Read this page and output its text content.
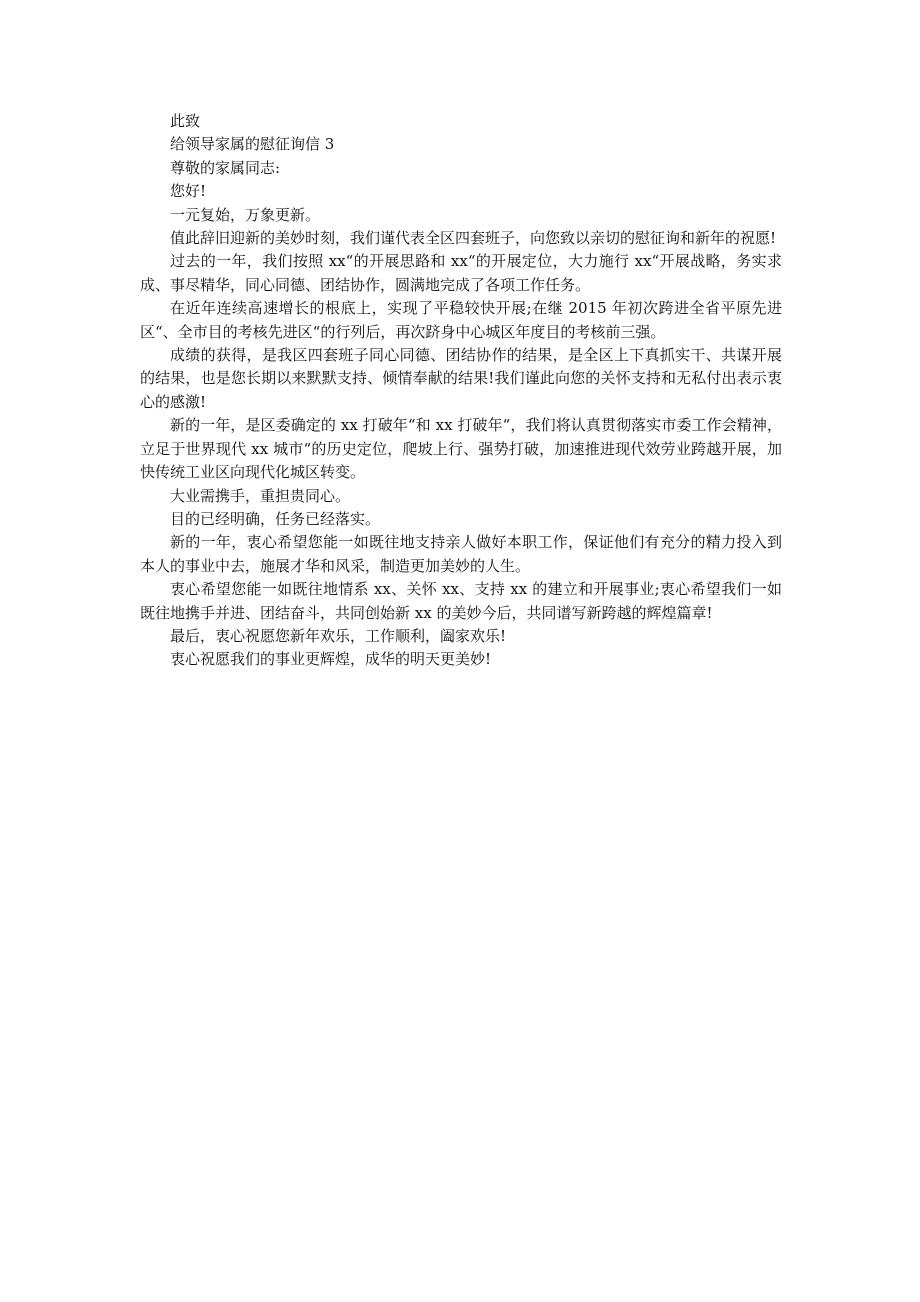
此致

给领导家属的慰征询信 3

尊敬的家属同志:

您好!

一元复始，万象更新。

值此辞旧迎新的美妙时刻，我们谨代表全区四套班子，向您致以亲切的慰征询和新年的祝愿!

过去的一年，我们按照 xx“的开展思路和 xx“的开展定位，大力施行 xx“开展战略，务实求成、事尽精华，同心同德、团结协作，圆满地完成了各项工作任务。

在近年连续高速增长的根底上，实现了平稳较快开展;在继 2015 年初次跨进全省平原先进区“、全市目的考核先进区“的行列后，再次跻身中心城区年度目的考核前三强。

成绩的获得，是我区四套班子同心同德、团结协作的结果，是全区上下真抓实干、共谋开展的结果，也是您长期以来默默支持、倾情奉献的结果!我们谨此向您的关怀支持和无私付出表示衷心的感激!

新的一年，是区委确定的 xx 打破年“和 xx 打破年“，我们将认真贯彻落实市委工作会精神，立足于世界现代 xx 城市“的历史定位，爬坡上行、强势打破，加速推进现代效劳业跨越开展，加快传统工业区向现代化城区转变。

大业需携手，重担贵同心。

目的已经明确，任务已经落实。

新的一年，衷心希望您能一如既往地支持亲人做好本职工作，保证他们有充分的精力投入到本人的事业中去，施展才华和风采，制造更加美妙的人生。

衷心希望您能一如既往地情系 xx、关怀 xx、支持 xx 的建立和开展事业;衷心希望我们一如既往地携手并进、团结奋斗，共同创始新 xx 的美妙今后，共同谱写新跨越的辉煌篇章!

最后，衷心祝愿您新年欢乐，工作顺利，阖家欢乐!

衷心祝愿我们的事业更辉煌，成华的明天更美妙!
